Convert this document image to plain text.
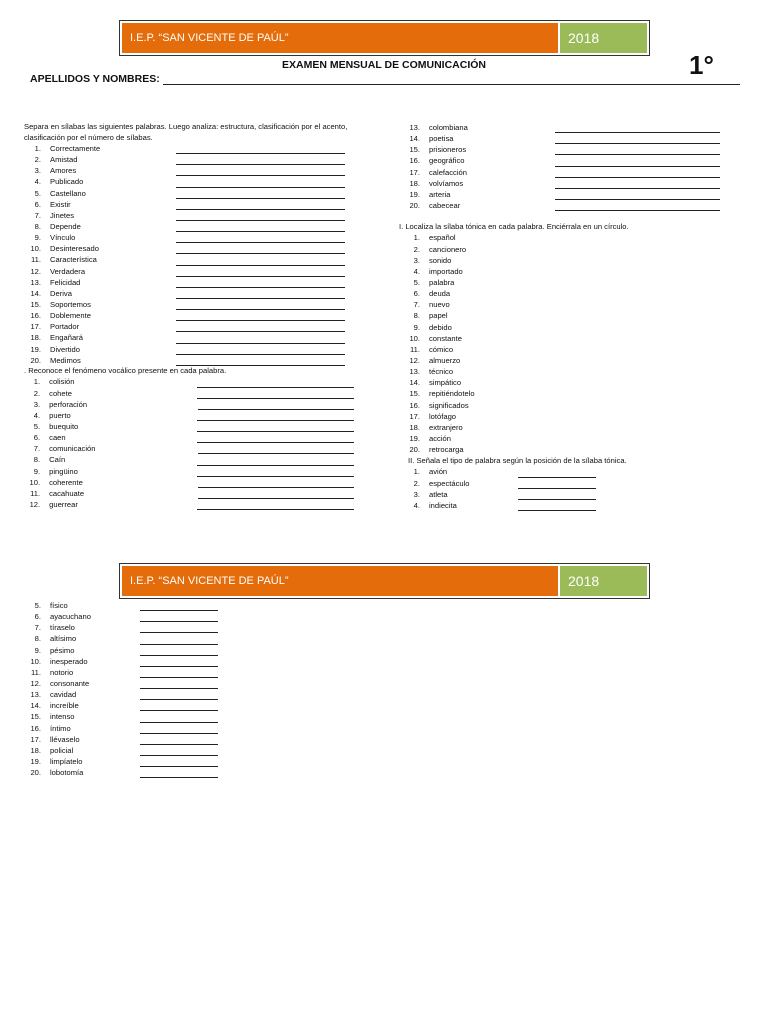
I.E.P. “SAN VICENTE DE PAÚL”	2018
EXAMEN MENSUAL DE COMUNICACIÓN	1°
APELLIDOS Y NOMBRES:
Separa en sílabas las siguientes palabras. Luego analiza: estructura, clasificación por el acento, clasificación por el número de sílabas.
1.	Correctamente
2.	Amistad
3.	Amores
4.	Publicado
5.	Castellano
6.	Existir
7.	Jinetes
8.	Depende
9.	Vínculo
10.	Desinteresado
11.	Característica
12.	Verdadera
13.	Felicidad
14.	Deriva
15.	Soportemos
16.	Doblemente
17.	Portador
18.	Engañará
19.	Divertido
20.	Medimos
. Reconoce el fenómeno vocálico presente en cada palabra.
1.	colisión
2.	cohete
3.	perforación
4.	puerto
5.	buequito
6.	caen
7.	comunicación
8.	Caín
9.	pingüino
10.	coherente
11.	cacahuate
12.	guerrear
13.	colombiana
14.	poetisa
15.	prisioneros
16.	geográfico
17.	calefacción
18.	volvíamos
19.	arteria
20.	cabecear
I. Localiza la sílaba tónica en cada palabra. Enciérrala en un círculo.
1.	español
2.	cancionero
3.	sonido
4.	importado
5.	palabra
6.	deuda
7.	nuevo
8.	papel
9.	debido
10.	constante
11.	cómico
12.	almuerzo
13.	técnico
14.	simpático
15.	repitiéndotelo
16.	significados
17.	lotófago
18.	extranjero
19.	acción
20.	retrocarga
II. Señala el tipo de palabra según la posición de la sílaba tónica.
1.	avión
2.	espectáculo
3.	atleta
4.	indiecita
I.E.P. “SAN VICENTE DE PAÚL”	2018
5.	físico
6.	ayacuchano
7.	tíraselo
8.	altísimo
9.	pésimo
10.	inesperado
11.	notorio
12.	consonante
13.	cavidad
14.	increíble
15.	intenso
16.	íntimo
17.	llévaselo
18.	policial
19.	limpíatelo
20.	lobotomía
